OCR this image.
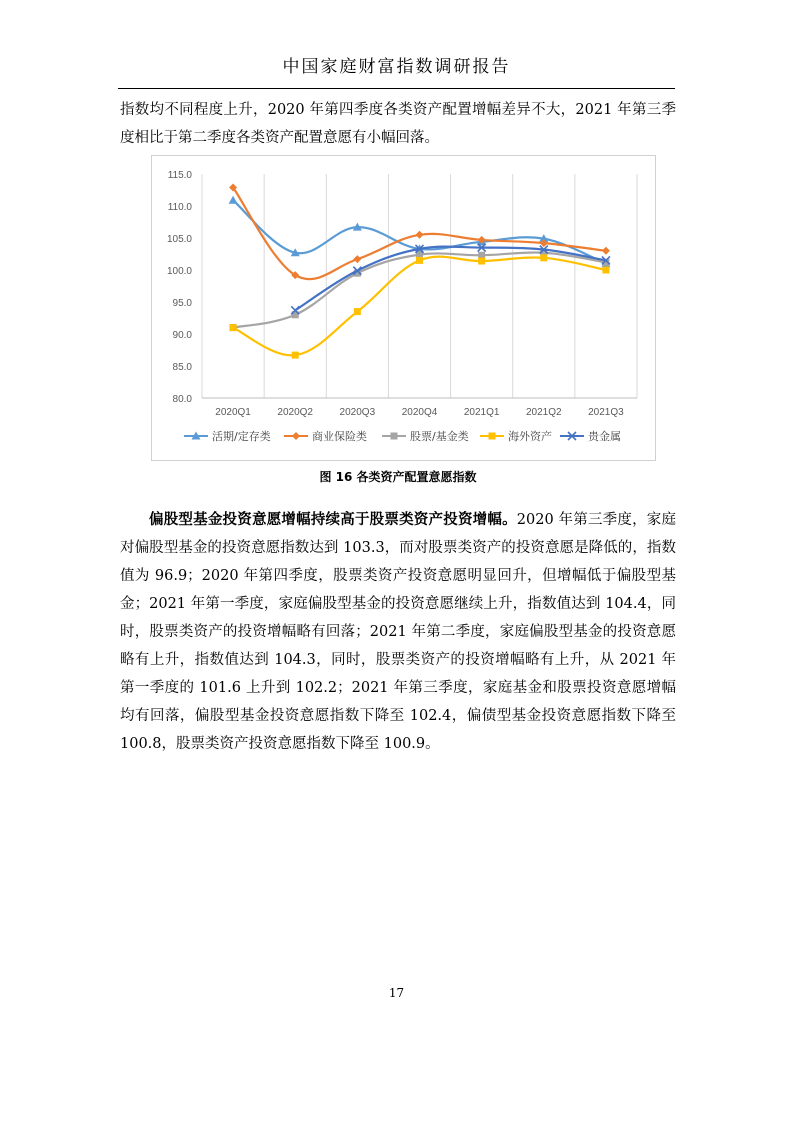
中国家庭财富指数调研报告

指数均不同程度上升，2020 年第四季度各类资产配置增幅差异不大，2021 年第三季度相比于第二季度各类资产配置意愿有小幅回落。

115.0
110.0
105.0
100.0
95.0
90.0
85.0
80.0
2020Q1	2020Q2	2020Q3	2020Q4	2021Q1	2021Q2	2021Q3
活期/定存类	商业保险类	股票/基金类	海外资产	贵金属
图 16 各类资产配置意愿指数

偏股型基金投资意愿增幅持续高于股票类资产投资增幅。2020 年第三季度，家庭对偏股型基金的投资意愿指数达到 103.3，而对股票类资产的投资意愿是降低的，指数值为 96.9；2020 年第四季度，股票类资产投资意愿明显回升，但增幅低于偏股型基金；2021 年第一季度，家庭偏股型基金的投资意愿继续上升，指数值达到 104.4，同时，股票类资产的投资增幅略有回落；2021 年第二季度，家庭偏股型基金的投资意愿略有上升，指数值达到 104.3，同时，股票类资产的投资增幅略有上升，从 2021 年第一季度的 101.6 上升到 102.2；2021 年第三季度，家庭基金和股票投资意愿增幅均有回落，偏股型基金投资意愿指数下降至 102.4，偏债型基金投资意愿指数下降至 100.8，股票类资产投资意愿指数下降至 100.9。

17
